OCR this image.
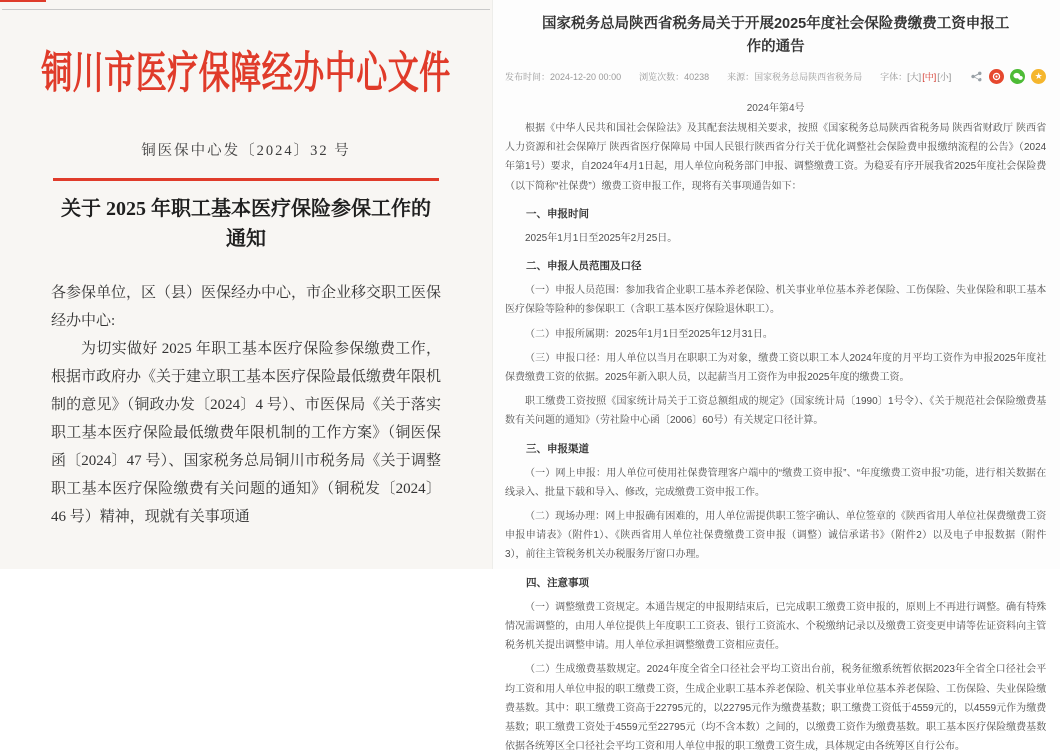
铜川市医疗保障经办中心文件
铜医保中心发〔2024〕32 号
关于 2025 年职工基本医疗保险参保工作的
通知

各参保单位，区（县）医保经办中心，市企业移交职工医保经办中心:

为切实做好 2025 年职工基本医疗保险参保缴费工作，根据市政府办《关于建立职工基本医疗保险最低缴费年限机制的意见》（铜政办发〔2024〕4 号）、市医保局《关于落实职工基本医疗保险最低缴费年限机制的工作方案》（铜医保函〔2024〕47 号）、国家税务总局铜川市税务局《关于调整职工基本医疗保险缴费有关问题的通知》（铜税发〔2024〕46 号）精神，现就有关事项通

国家税务总局陕西省税务局关于开展2025年度社会保险费缴费工资申报工作的通告
发布时间：2024-12-20 00:00 浏览次数：40238 来源：国家税务总局陕西省税务局 字体： [大] [中] [小]	★
2024年第4号

根据《中华人民共和国社会保险法》及其配套法规相关要求，按照《国家税务总局陕西省税务局 陕西省财政厅 陕西省人力资源和社会保障厅 陕西省医疗保障局 中国人民银行陕西省分行关于优化调整社会保险费申报缴纳流程的公告》（2024年第1号）要求，自2024年4月1日起，用人单位向税务部门申报、调整缴费工资。为稳妥有序开展我省2025年度社会保险费（以下简称“社保费”）缴费工资申报工作，现将有关事项通告如下：

一、申报时间

2025年1月1日至2025年2月25日。

二、申报人员范围及口径

（一）申报人员范围：参加我省企业职工基本养老保险、机关事业单位基本养老保险、工伤保险、失业保险和职工基本医疗保险等险种的参保职工（含职工基本医疗保险退休职工）。

（二）申报所属期：2025年1月1日至2025年12月31日。

（三）申报口径：用人单位以当月在职职工为对象，缴费工资以职工本人2024年度的月平均工资作为申报2025年度社保费缴费工资的依据。2025年新入职人员，以起薪当月工资作为申报2025年度的缴费工资。

职工缴费工资按照《国家统计局关于工资总额组成的规定》（国家统计局〔1990〕1号令）、《关于规范社会保险缴费基数有关问题的通知》（劳社险中心函〔2006〕60号）有关规定口径计算。

三、申报渠道

（一）网上申报：用人单位可使用社保费管理客户端中的“缴费工资申报”、“年度缴费工资申报”功能，进行相关数据在线录入、批量下载和导入、修改，完成缴费工资申报工作。

（二）现场办理：网上申报确有困难的，用人单位需提供职工签字确认、单位签章的《陕西省用人单位社保费缴费工资申报申请表》（附件1）、《陕西省用人单位社保费缴费工资申报（调整）诚信承诺书》（附件2）以及电子申报数据（附件3），前往主管税务机关办税服务厅窗口办理。

四、注意事项

（一）调整缴费工资规定。本通告规定的申报期结束后，已完成职工缴费工资申报的，原则上不再进行调整。确有特殊情况需调整的，由用人单位提供上年度职工工资表、银行工资流水、个税缴纳记录以及缴费工资变更申请等佐证资料向主管税务机关提出调整申请。用人单位承担调整缴费工资相应责任。

（二）生成缴费基数规定。2024年度全省全口径社会平均工资出台前，税务征缴系统暂依据2023年全省全口径社会平均工资和用人单位申报的职工缴费工资，生成企业职工基本养老保险、机关事业单位基本养老保险、工伤保险、失业保险缴费基数。其中：职工缴费工资高于22795元的，以22795元作为缴费基数；职工缴费工资低于4559元的，以4559元作为缴费基数；职工缴费工资处于4559元至22795元（均不含本数）之间的，以缴费工资作为缴费基数。职工基本医疗保险缴费基数依据各统筹区全口径社会平均工资和用人单位申报的职工缴费工资生成，具体规定由各统筹区自行公布。
